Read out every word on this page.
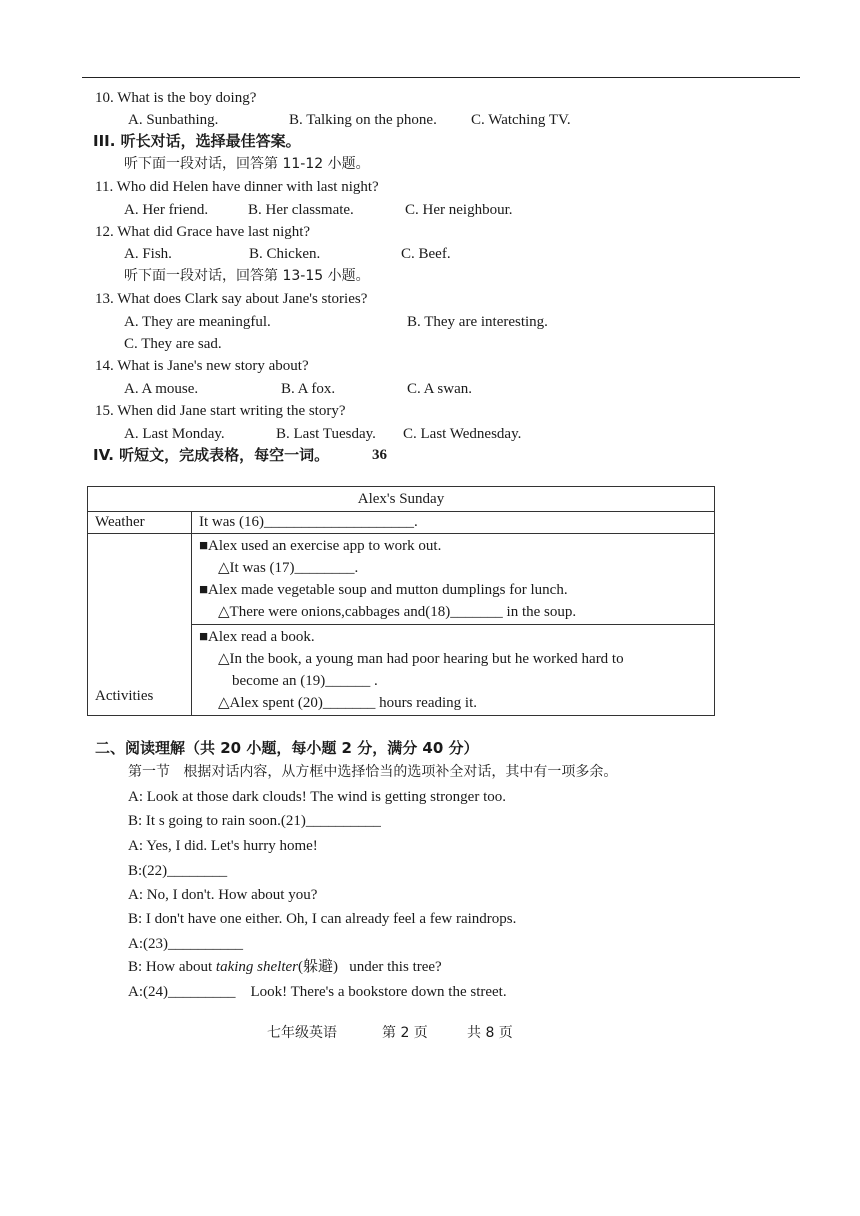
10. What is the boy doing?
A. Sunbathing.	B. Talking on the phone. C. Watching TV.
III. 听长对话，选择最佳答案。
听下面一段对话，回答第 11-12 小题。
11. Who did Helen have dinner with last night?
A. Her friend.	B. Her classmate.	C. Her neighbour.
12. What did Grace have last night?
A. Fish.	B. Chicken.	C. Beef.
听下面一段对话，回答第 13-15 小题。
13. What does Clark say about Jane's stories?
A. They are meaningful.	B. They are interesting.
C. They are sad.
14. What is Jane's new story about?
A. A mouse.	B. A fox.	C. A swan.
15. When did Jane start writing the story?
A. Last Monday.	B. Last Tuesday. C. Last Wednesday.
IV. 听短文，完成表格，每空一词。	36
Alex's Sunday	
Weather	It was (16)____________________.
Activities	■Alex used an exercise app to work out.
△It was (17)________.
■Alex made vegetable soup and mutton dumplings for lunch.
△There were onions,cabbages and(18)_______ in the soup.

	■Alex read a book.
△In the book, a young man had poor hearing but he worked hard to
become an (19)______ .
△Alex spent (20)_______ hours reading it.
二、阅读理解（共 20 小题，每小题 2 分，满分 40 分）
第一节   根据对话内容，从方框中选择恰当的选项补全对话，其中有一项多余。
A: Look at those dark clouds! The wind is getting stronger too.
B: It s going to rain soon.(21)__________
A: Yes, I did. Let's hurry home!
B:(22)________
A: No, I don't. How about you?
B: I don't have one either. Oh, I can already feel a few raindrops.
A:(23)__________
B: How about taking shelter(躲避)   under this tree?
A:(24)_________    Look! There's a bookstore down the street.
七年级英语	第 2 页	共 8 页
